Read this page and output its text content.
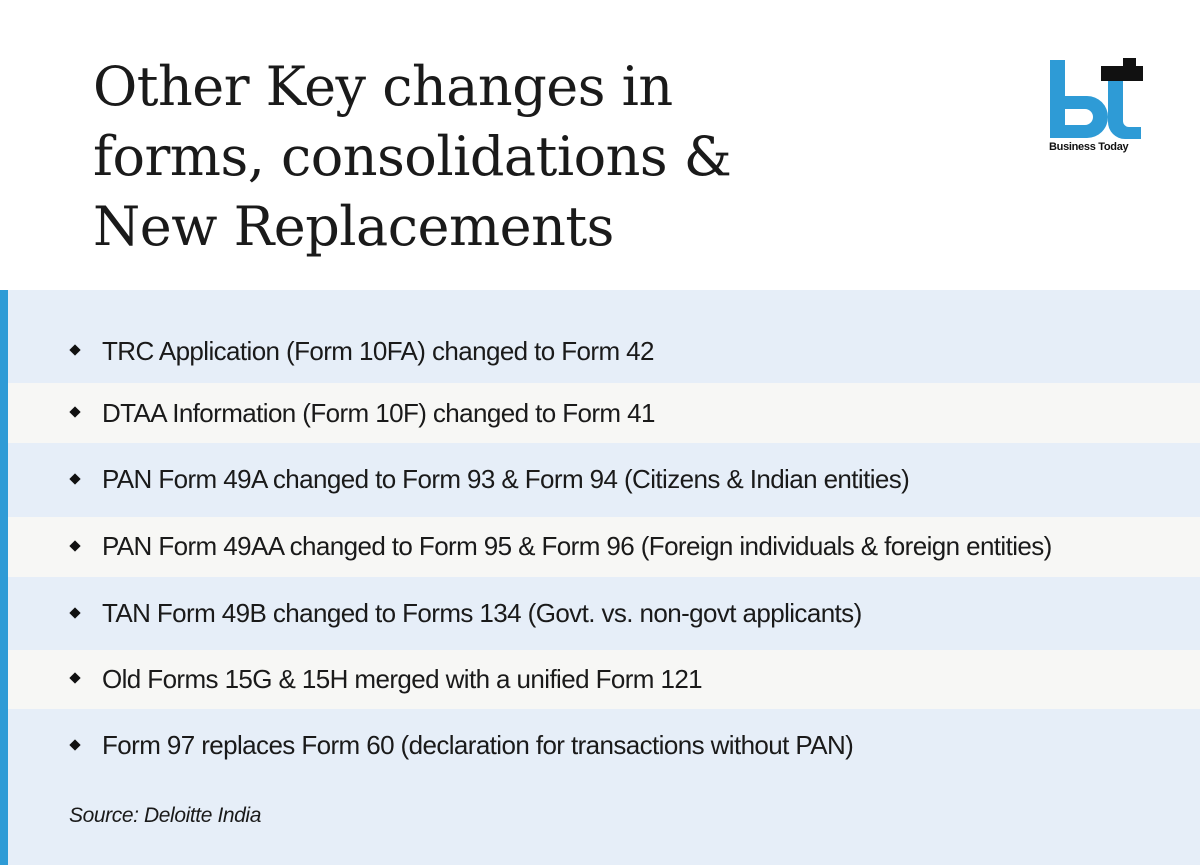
Other Key changes in
forms, consolidations &
New Replacements
Business Today
TRC Application (Form 10FA) changed to Form 42
DTAA Information (Form 10F) changed to Form 41
PAN Form 49A changed to Form 93 & Form 94 (Citizens & Indian entities)
PAN Form 49AA changed to Form 95 & Form 96 (Foreign individuals & foreign entities)
TAN Form 49B changed to Forms 134 (Govt. vs. non-govt applicants)
Old Forms 15G & 15H merged with a unified Form 121
Form 97 replaces Form 60 (declaration for transactions without PAN)
Source: Deloitte India
